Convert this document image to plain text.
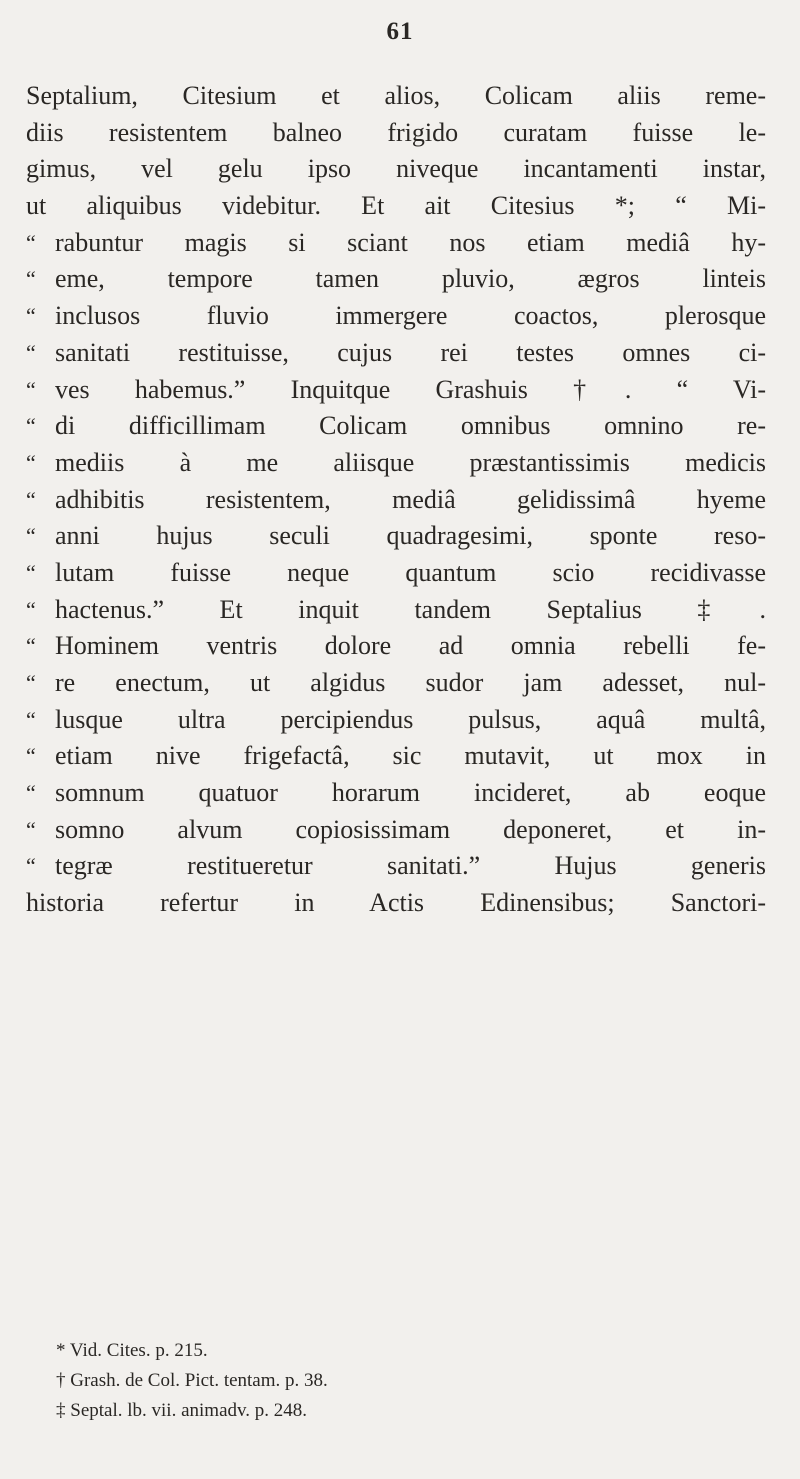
61
Septalium, Citesium et alios, Colicam aliis reme-
diis resistentem balneo frigido curatam fuisse le-
gimus, vel gelu ipso niveque incantamenti instar,
ut aliquibus videbitur. Et ait Citesius *; “ Mi-
“ rabuntur magis si sciant nos etiam mediâ hy-
“ eme, tempore tamen pluvio, ægros linteis
“ inclusos fluvio immergere coactos, plerosque
“ sanitati restituisse, cujus rei testes omnes ci-
“ ves habemus.” Inquitque Grashuis †. “ Vi-
“ di difficillimam Colicam omnibus omnino re-
“ mediis à me aliisque præstantissimis medicis
“ adhibitis resistentem, mediâ gelidissimâ hyeme
“ anni hujus seculi quadragesimi, sponte reso-
“ lutam fuisse neque quantum scio recidivasse
“ hactenus.” Et inquit tandem Septalius ‡.
“ Hominem ventris dolore ad omnia rebelli fe-
“ re enectum, ut algidus sudor jam adesset, nul-
“ lusque ultra percipiendus pulsus, aquâ multâ,
“ etiam nive frigefactâ, sic mutavit, ut mox in
“ somnum quatuor horarum incideret, ab eoque
“ somno alvum copiosissimam deponeret, et in-
“ tegræ restitueretur sanitati.” Hujus generis
historia refertur in Actis Edinensibus; Sanctori-
* Vid. Cites. p. 215.
† Grash. de Col. Pict. tentam. p. 38.
‡ Septal. lb. vii. animadv. p. 248.
